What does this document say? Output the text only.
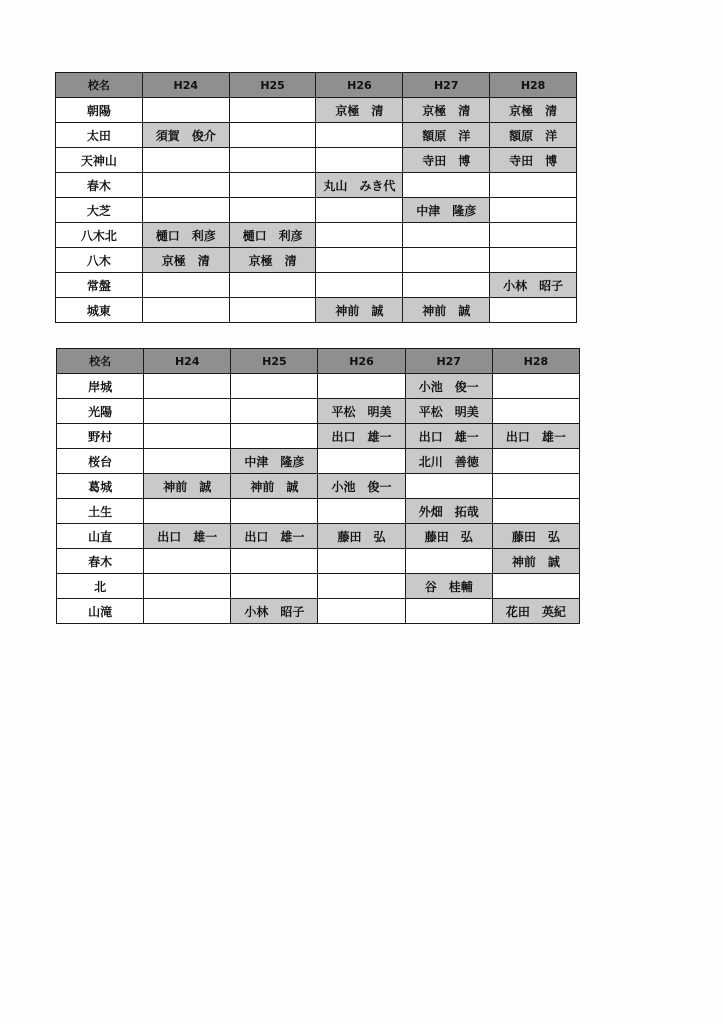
校名	H24	H25	H26	H27	H28
朝陽			京極　清	京極　清	京極　清
太田	須賀　俊介			額原　洋	額原　洋
天神山				寺田　博	寺田　博
春木			丸山　みき代		
大芝				中津　隆彦	
八木北	樋口　利彦	樋口　利彦			
八木	京極　清	京極　清			
常盤					小林　昭子
城東			神前　誠	神前　誠	
校名	H24	H25	H26	H27	H28
岸城				小池　俊一	
光陽			平松　明美	平松　明美	
野村			出口　雄一	出口　雄一	出口　雄一
桜台		中津　隆彦		北川　善徳	
葛城	神前　誠	神前　誠	小池　俊一		
土生				外畑　拓哉	
山直	出口　雄一	出口　雄一	藤田　弘	藤田　弘	藤田　弘
春木					神前　誠
北				谷　桂輔	
山滝		小林　昭子			花田　英紀
